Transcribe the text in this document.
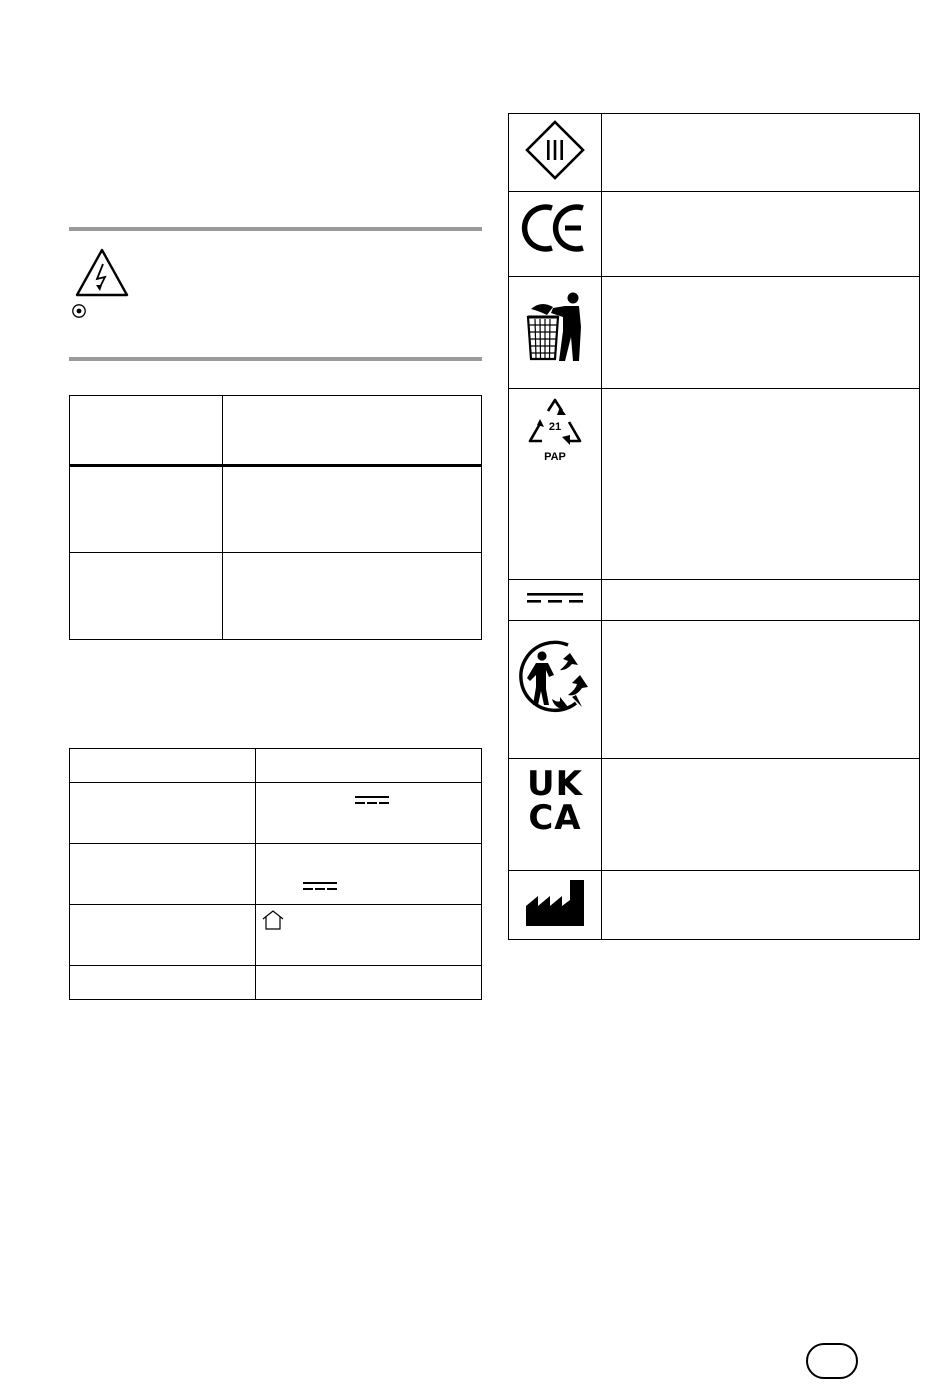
21
PAP	

UK
CA	
